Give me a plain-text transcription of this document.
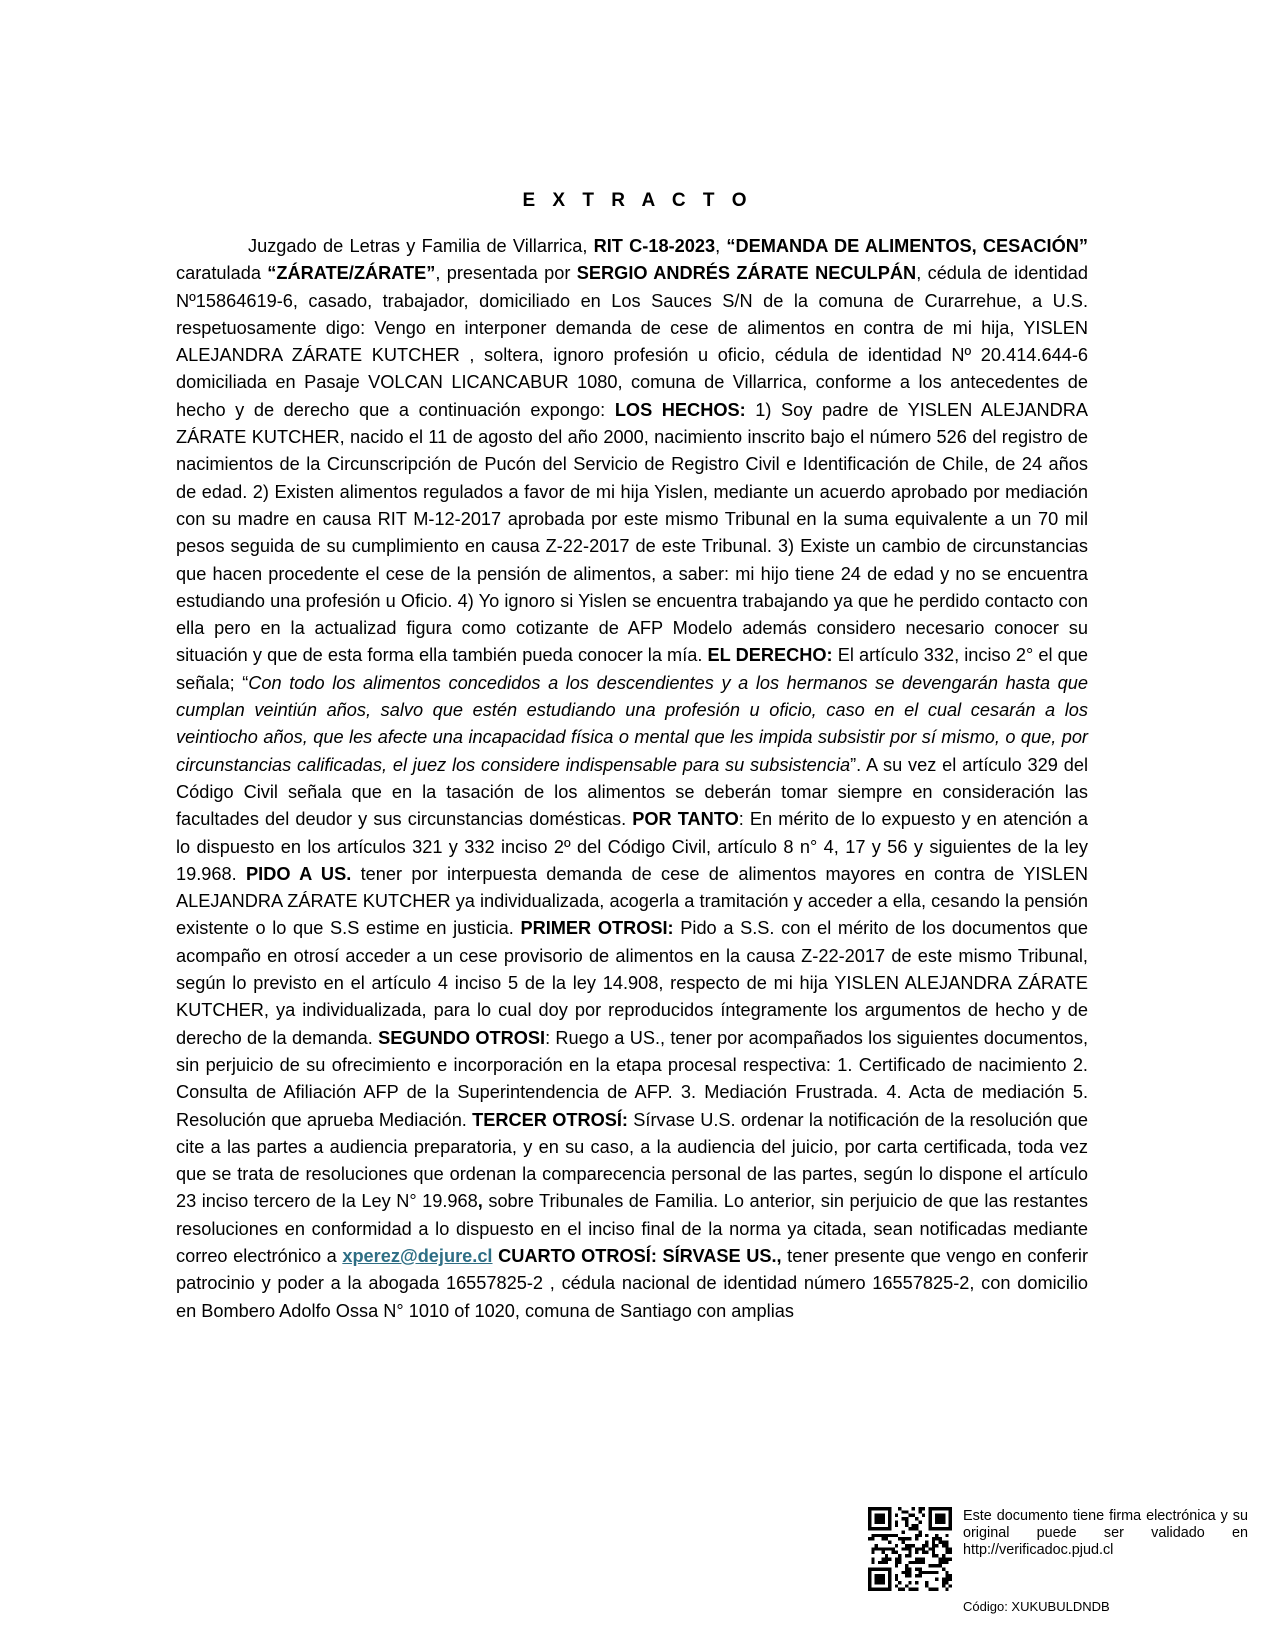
E X T R A C T O

Juzgado de Letras y Familia de Villarrica, RIT C-18-2023, “DEMANDA DE ALIMENTOS, CESACIÓN” caratulada “ZÁRATE/ZÁRATE”, presentada por SERGIO ANDRÉS ZÁRATE NECULPÁN, cédula de identidad Nº15864619-6, casado, trabajador, domiciliado en Los Sauces S/N de la comuna de Curarrehue, a U.S. respetuosamente digo: Vengo en interponer demanda de cese de alimentos en contra de mi hija, YISLEN ALEJANDRA ZÁRATE KUTCHER , soltera, ignoro profesión u oficio, cédula de identidad Nº 20.414.644-6 domiciliada en Pasaje VOLCAN LICANCABUR 1080, comuna de Villarrica, conforme a los antecedentes de hecho y de derecho que a continuación expongo: LOS HECHOS: 1) Soy padre de YISLEN ALEJANDRA ZÁRATE KUTCHER, nacido el 11 de agosto del año 2000, nacimiento inscrito bajo el número 526 del registro de nacimientos de la Circunscripción de Pucón del Servicio de Registro Civil e Identificación de Chile, de 24 años de edad. 2) Existen alimentos regulados a favor de mi hija Yislen, mediante un acuerdo aprobado por mediación con su madre en causa RIT M-12-2017 aprobada por este mismo Tribunal en la suma equivalente a un 70 mil pesos seguida de su cumplimiento en causa Z-22-2017 de este Tribunal. 3) Existe un cambio de circunstancias que hacen procedente el cese de la pensión de alimentos, a saber: mi hijo tiene 24 de edad y no se encuentra estudiando una profesión u Oficio. 4) Yo ignoro si Yislen se encuentra trabajando ya que he perdido contacto con ella pero en la actualizad figura como cotizante de AFP Modelo además considero necesario conocer su situación y que de esta forma ella también pueda conocer la mía. EL DERECHO: El artículo 332, inciso 2° el que señala; “Con todo los alimentos concedidos a los descendientes y a los hermanos se devengarán hasta que cumplan veintiún años, salvo que estén estudiando una profesión u oficio, caso en el cual cesarán a los veintiocho años, que les afecte una incapacidad física o mental que les impida subsistir por sí mismo, o que, por circunstancias calificadas, el juez los considere indispensable para su subsistencia”. A su vez el artículo 329 del Código Civil señala que en la tasación de los alimentos se deberán tomar siempre en consideración las facultades del deudor y sus circunstancias domésticas. POR TANTO: En mérito de lo expuesto y en atención a lo dispuesto en los artículos 321 y 332 inciso 2º del Código Civil, artículo 8 n° 4, 17 y 56 y siguientes de la ley 19.968. PIDO A US. tener por interpuesta demanda de cese de alimentos mayores en contra de YISLEN ALEJANDRA ZÁRATE KUTCHER ya individualizada, acogerla a tramitación y acceder a ella, cesando la pensión existente o lo que S.S estime en justicia. PRIMER OTROSI: Pido a S.S. con el mérito de los documentos que acompaño en otrosí acceder a un cese provisorio de alimentos en la causa Z-22-2017 de este mismo Tribunal, según lo previsto en el artículo 4 inciso 5 de la ley 14.908, respecto de mi hija YISLEN ALEJANDRA ZÁRATE KUTCHER, ya individualizada, para lo cual doy por reproducidos íntegramente los argumentos de hecho y de derecho de la demanda. SEGUNDO OTROSI: Ruego a US., tener por acompañados los siguientes documentos, sin perjuicio de su ofrecimiento e incorporación en la etapa procesal respectiva: 1. Certificado de nacimiento 2. Consulta de Afiliación AFP de la Superintendencia de AFP. 3. Mediación Frustrada. 4. Acta de mediación 5. Resolución que aprueba Mediación. TERCER OTROSÍ: Sírvase U.S. ordenar la notificación de la resolución que cite a las partes a audiencia preparatoria, y en su caso, a la audiencia del juicio, por carta certificada, toda vez que se trata de resoluciones que ordenan la comparecencia personal de las partes, según lo dispone el artículo 23 inciso tercero de la Ley N° 19.968, sobre Tribunales de Familia. Lo anterior, sin perjuicio de que las restantes resoluciones en conformidad a lo dispuesto en el inciso final de la norma ya citada, sean notificadas mediante correo electrónico a xperez@dejure.cl CUARTO OTROSÍ: SÍRVASE US., tener presente que vengo en conferir patrocinio y poder a la abogada 16557825-2 , cédula nacional de identidad número 16557825-2, con domicilio en Bombero Adolfo Ossa N° 1010 of 1020, comuna de Santiago con amplias

Este documento tiene firma electrónica y su original puede ser validado en http://verificadoc.pjud.cl
Código: XUKUBULDNDB
